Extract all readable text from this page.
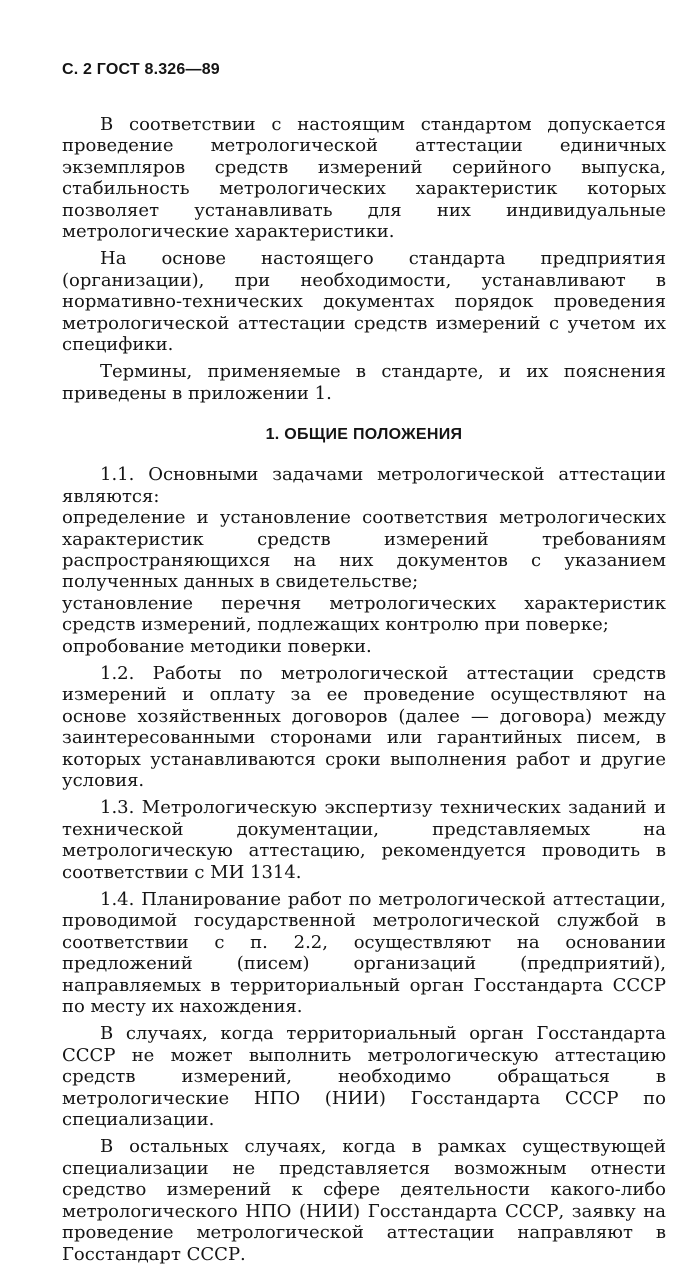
С. 2 ГОСТ 8.326—89

В соответствии с настоящим стандартом допускается проведение метрологической аттестации единичных экземпляров средств измерений серийного выпуска, стабильность метрологических характеристик которых позволяет устанавливать для них индивидуальные метрологические характеристики.

На основе настоящего стандарта предприятия (организации), при необходимости, устанавливают в нормативно-технических документах порядок проведения метрологической аттестации средств измерений с учетом их специфики.

Термины, применяемые в стандарте, и их пояснения приведены в приложении 1.

1. ОБЩИЕ ПОЛОЖЕНИЯ

1.1. Основными задачами метрологической аттестации являются:

определение и установление соответствия метрологических характеристик средств измерений требованиям распространяющихся на них документов с указанием полученных данных в свидетельстве;

установление перечня метрологических характеристик средств измерений, подлежащих контролю при поверке;

опробование методики поверки.

1.2. Работы по метрологической аттестации средств измерений и оплату за ее проведение осуществляют на основе хозяйственных договоров (далее — договора) между заинтересованными сторонами или гарантийных писем, в которых устанавливаются сроки выполнения работ и другие условия.

1.3. Метрологическую экспертизу технических заданий и технической документации, представляемых на метрологическую аттестацию, рекомендуется проводить в соответствии с МИ 1314.

1.4. Планирование работ по метрологической аттестации, проводимой государственной метрологической службой в соответствии с п. 2.2, осуществляют на основании предложений (писем) организаций (предприятий), направляемых в территориальный орган Госстандарта СССР по месту их нахождения.

В случаях, когда территориальный орган Госстандарта СССР не может выполнить метрологическую аттестацию средств измерений, необходимо обращаться в метрологические НПО (НИИ) Госстандарта СССР по специализации.

В остальных случаях, когда в рамках существующей специализации не представляется возможным отнести средство измерений к сфере деятельности какого-либо метрологического НПО (НИИ) Госстандарта СССР, заявку на проведение метрологической аттестации направляют в Госстандарт СССР.
